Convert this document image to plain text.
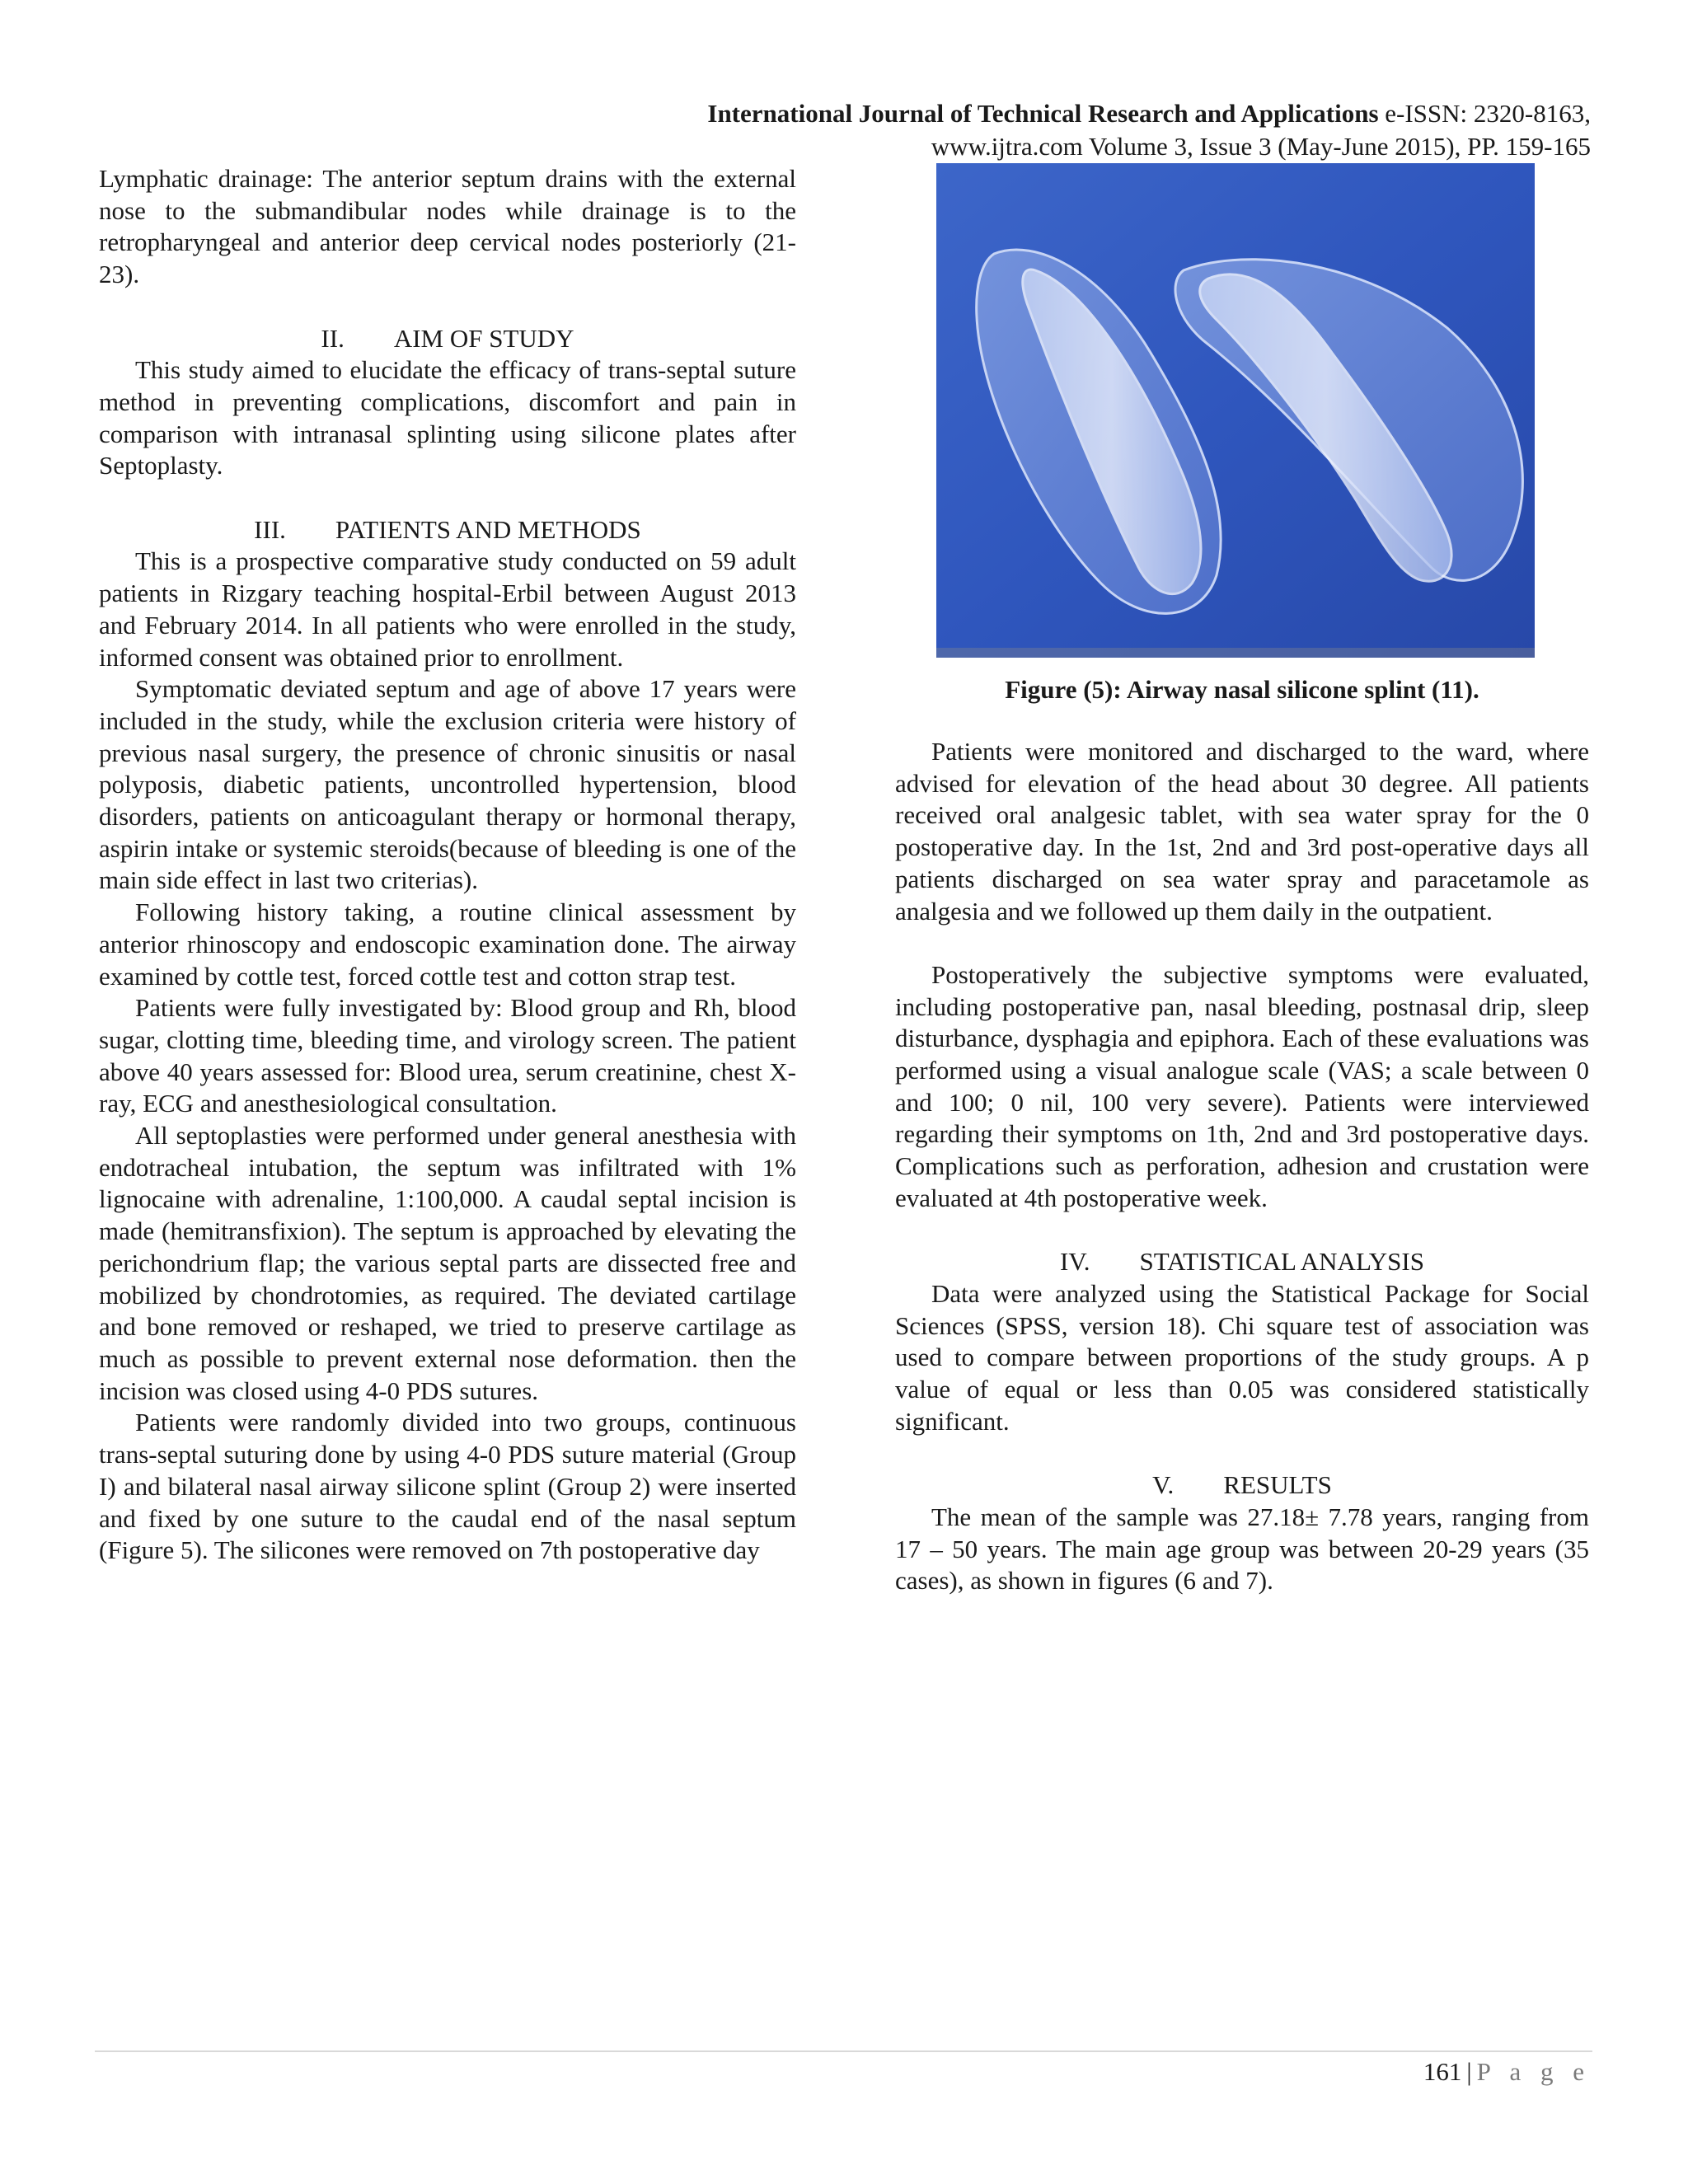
International Journal of Technical Research and Applications e-ISSN: 2320-8163,
www.ijtra.com Volume 3, Issue 3 (May-June 2015), PP. 159-165

Lymphatic drainage: The anterior septum drains with the external nose to the submandibular nodes while drainage is to the retropharyngeal and anterior deep cervical nodes posteriorly (21-23).

II. AIM OF STUDY

This study aimed to elucidate the efficacy of trans-septal suture method in preventing complications, discomfort and pain in comparison with intranasal splinting using silicone plates after Septoplasty.

III. PATIENTS AND METHODS

This is a prospective comparative study conducted on 59 adult patients in Rizgary teaching hospital-Erbil between August 2013 and February 2014. In all patients who were enrolled in the study, informed consent was obtained prior to enrollment.

Symptomatic deviated septum and age of above 17 years were included in the study, while the exclusion criteria were history of previous nasal surgery, the presence of chronic sinusitis or nasal polyposis, diabetic patients, uncontrolled hypertension, blood disorders, patients on anticoagulant therapy or hormonal therapy, aspirin intake or systemic steroids(because of bleeding is one of the main side effect in last two criterias).

Following history taking, a routine clinical assessment by anterior rhinoscopy and endoscopic examination done. The airway examined by cottle test, forced cottle test and cotton strap test.

Patients were fully investigated by: Blood group and Rh, blood sugar, clotting time, bleeding time, and virology screen. The patient above 40 years assessed for: Blood urea, serum creatinine, chest X-ray, ECG and anesthesiological consultation.

All septoplasties were performed under general anesthesia with endotracheal intubation, the septum was infiltrated with 1% lignocaine with adrenaline, 1:100,000. A caudal septal incision is made (hemitransfixion). The septum is approached by elevating the perichondrium flap; the various septal parts are dissected free and mobilized by chondrotomies, as required. The deviated cartilage and bone removed or reshaped, we tried to preserve cartilage as much as possible to prevent external nose deformation. then the incision was closed using 4-0 PDS sutures.

Patients were randomly divided into two groups, continuous trans-septal suturing done by using 4-0 PDS suture material (Group I) and bilateral nasal airway silicone splint (Group 2) were inserted and fixed by one suture to the caudal end of the nasal septum (Figure 5). The silicones were removed on 7th postoperative day

Figure (5): Airway nasal silicone splint (11).

Patients were monitored and discharged to the ward, where advised for elevation of the head about 30 degree. All patients received oral analgesic tablet, with sea water spray for the 0 postoperative day. In the 1st, 2nd and 3rd post-operative days all patients discharged on sea water spray and paracetamole as analgesia and we followed up them daily in the outpatient.

Postoperatively the subjective symptoms were evaluated, including postoperative pan, nasal bleeding, postnasal drip, sleep disturbance, dysphagia and epiphora. Each of these evaluations was performed using a visual analogue scale (VAS; a scale between 0 and 100; 0 nil, 100 very severe). Patients were interviewed regarding their symptoms on 1th, 2nd and 3rd postoperative days. Complications such as perforation, adhesion and crustation were evaluated at 4th postoperative week.

IV. STATISTICAL ANALYSIS

Data were analyzed using the Statistical Package for Social Sciences (SPSS, version 18). Chi square test of association was used to compare between proportions of the study groups. A p value of equal or less than 0.05 was considered statistically significant.

V. RESULTS

The mean of the sample was 27.18± 7.78 years, ranging from 17 – 50 years. The main age group was between 20-29 years (35 cases), as shown in figures (6 and 7).

161 | P a g e
